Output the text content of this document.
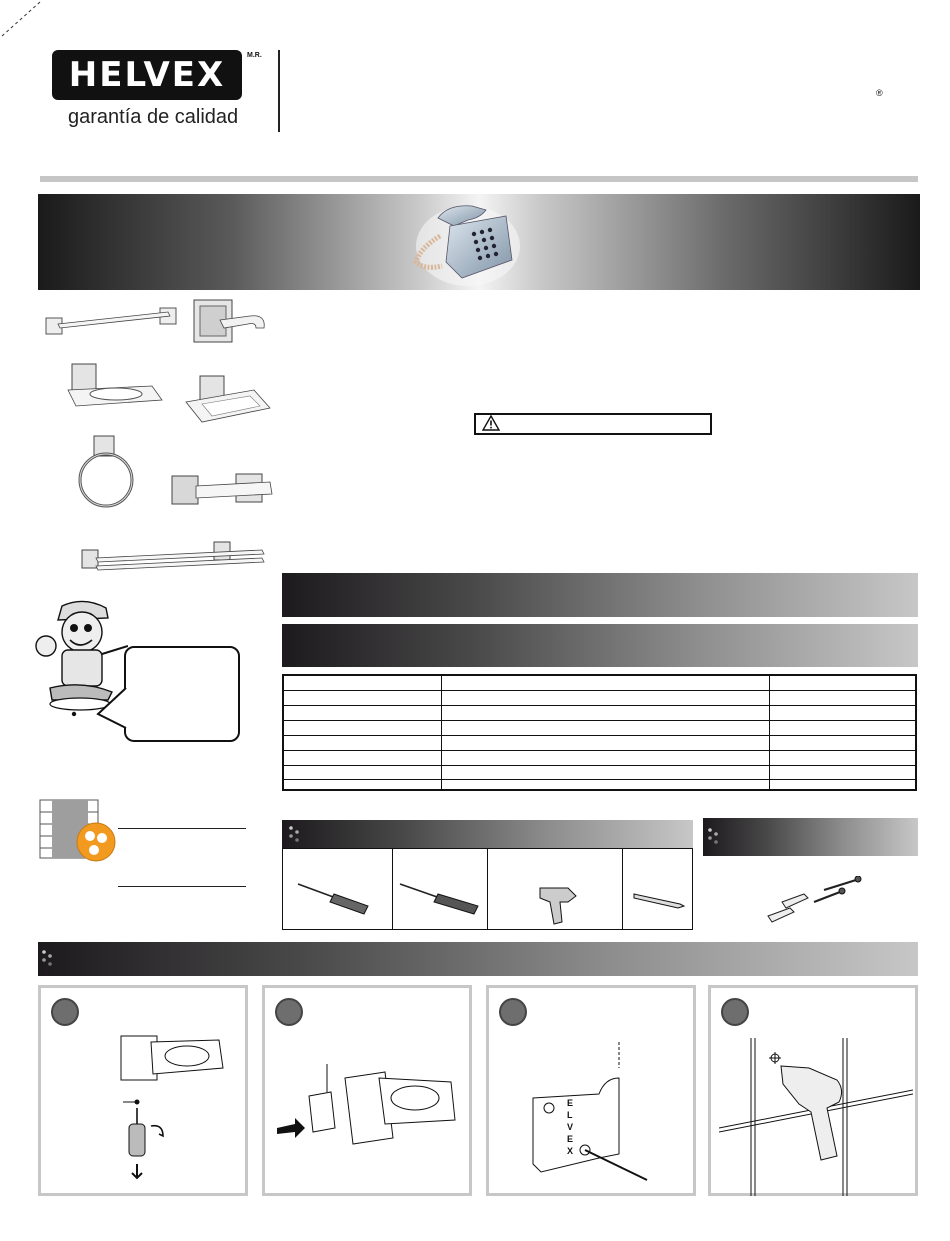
HELVEX	M.R.
garantía de calidad
®
E
L
V
E
X
